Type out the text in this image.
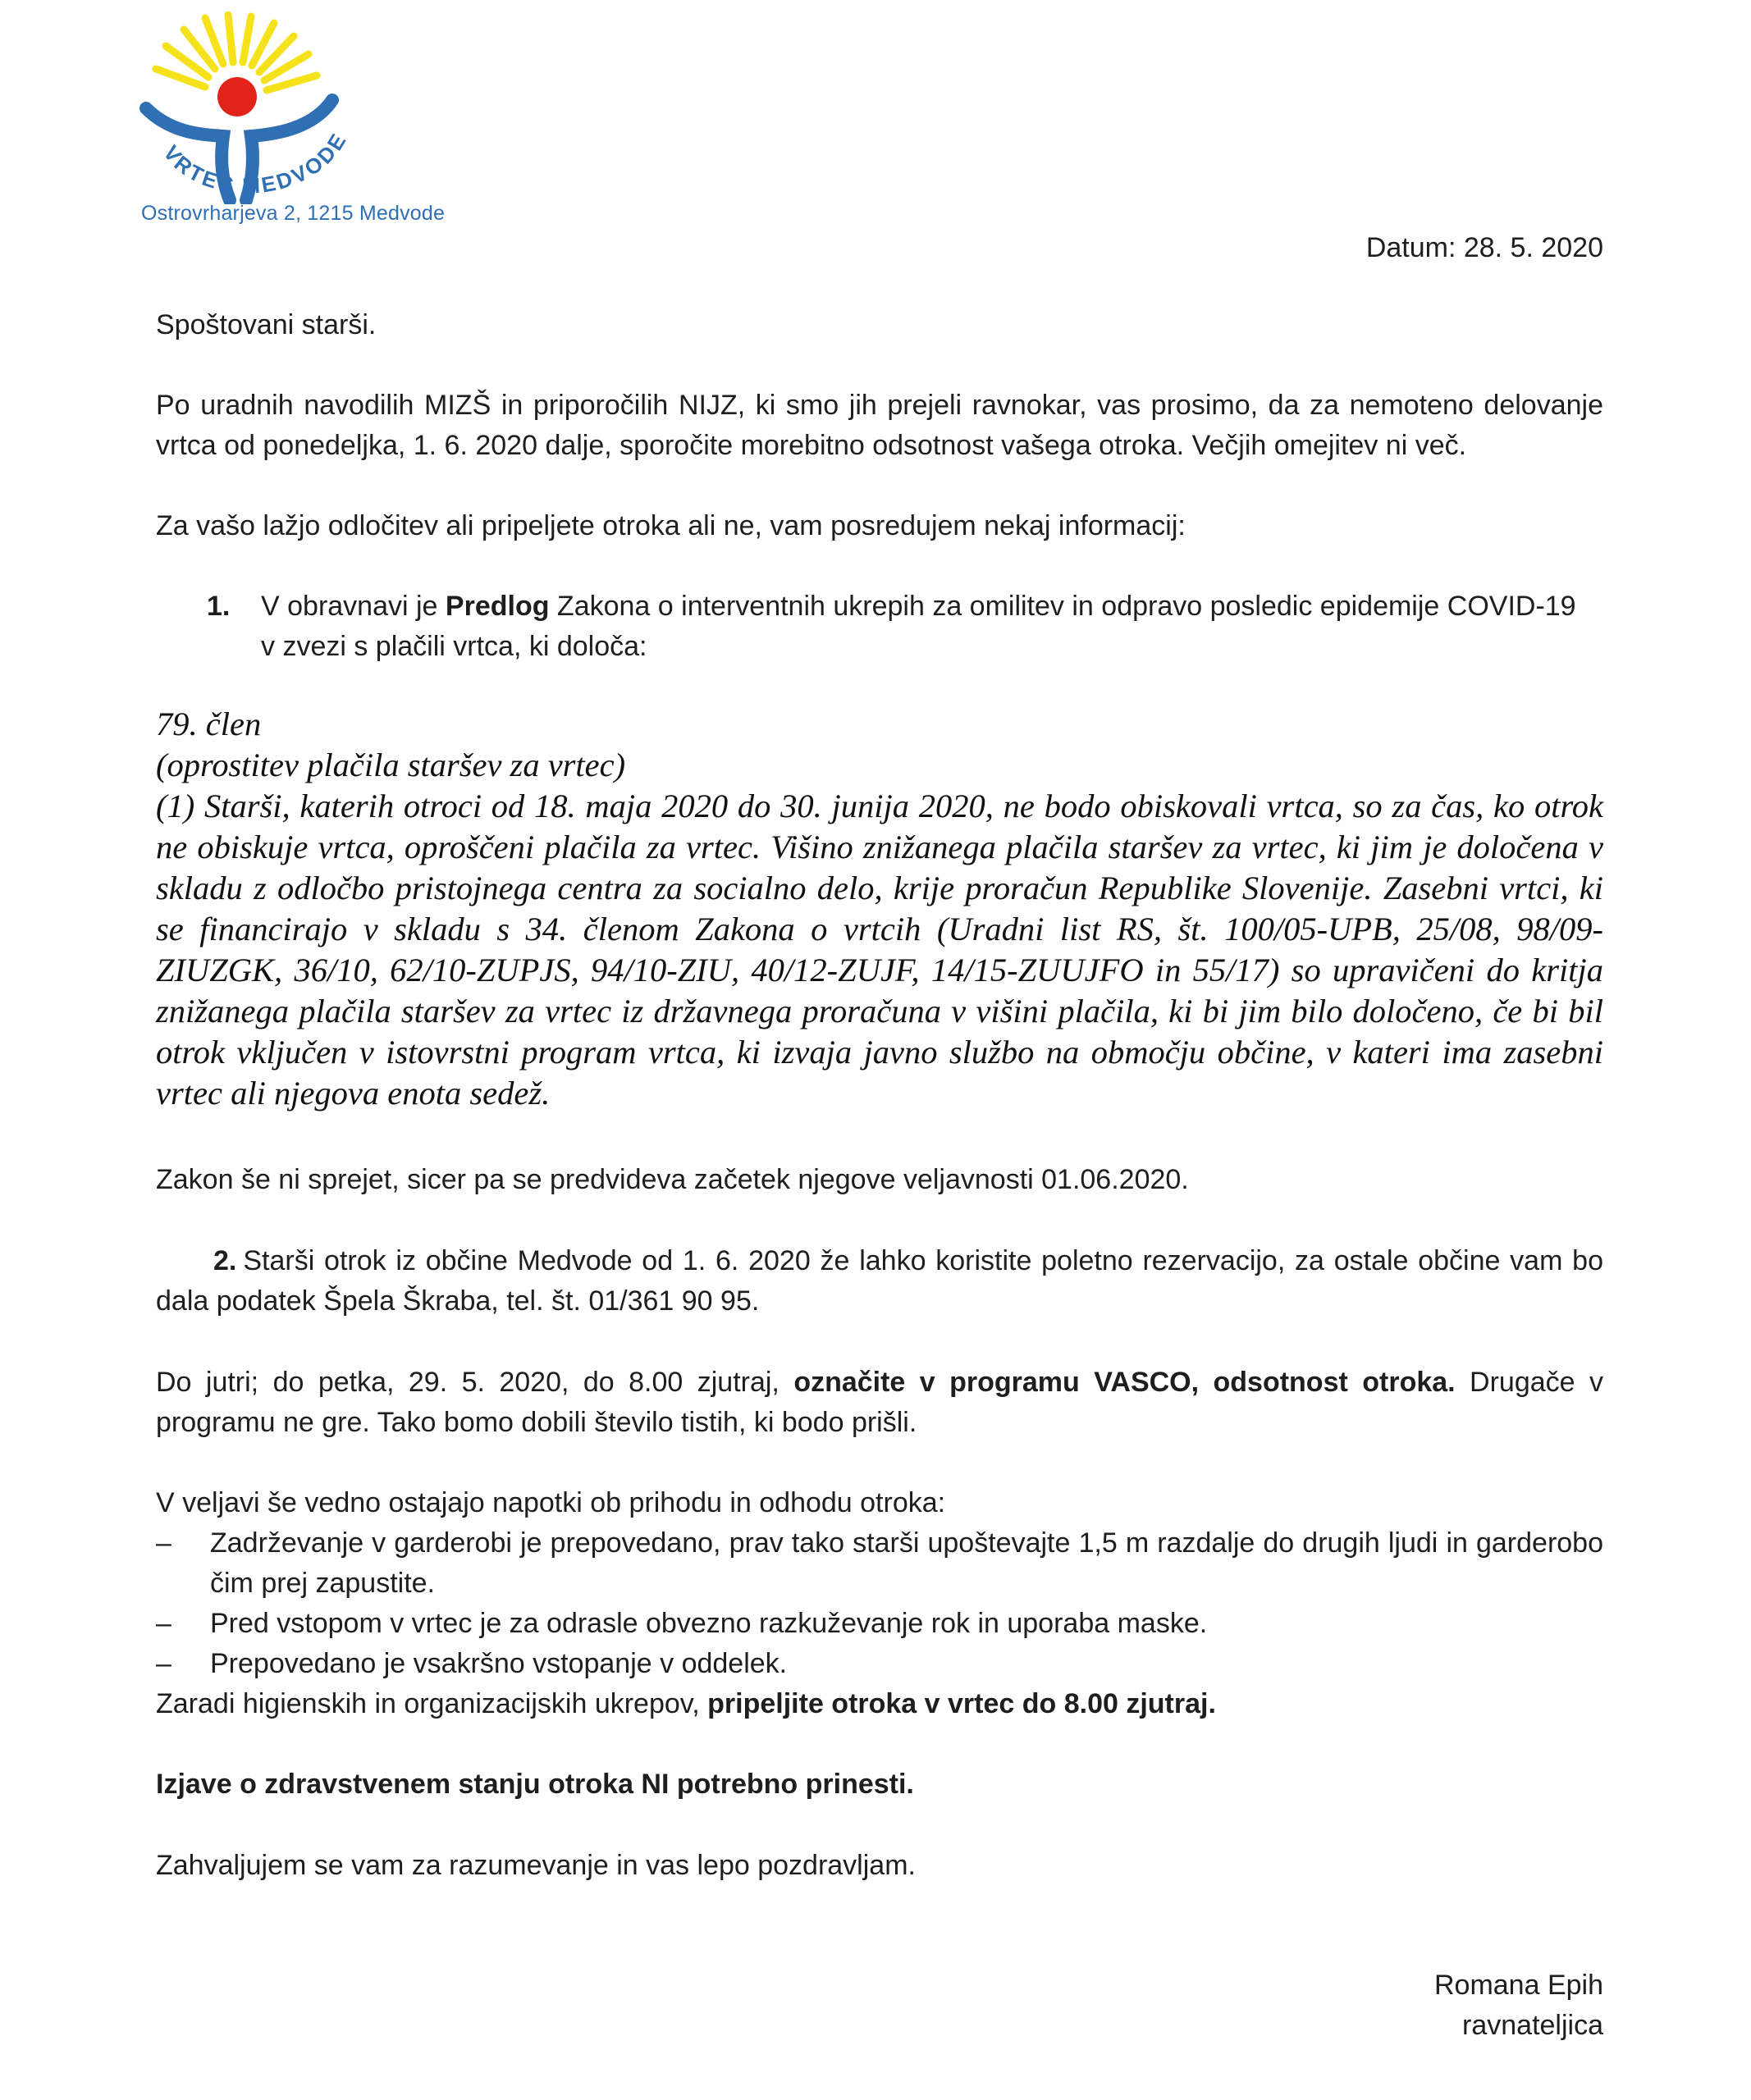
VRTEC MEDVODE
Ostrovrharjeva 2, 1215 Medvode
Datum: 28. 5. 2020
Spoštovani starši.
Po uradnih navodilih MIZŠ in priporočilih NIJZ, ki smo jih prejeli ravnokar, vas prosimo, da za nemoteno delovanje vrtca od ponedeljka, 1. 6. 2020 dalje, sporočite morebitno odsotnost vašega otroka. Večjih omejitev ni več.
Za vašo lažjo odločitev ali pripeljete otroka ali ne, vam posredujem nekaj informacij:
1. V obravnavi je Predlog Zakona o interventnih ukrepih za omilitev in odpravo posledic epidemije COVID-19 v zvezi s plačili vrtca, ki določa:
79. člen
(oprostitev plačila staršev za vrtec)
(1) Starši, katerih otroci od 18. maja 2020 do 30. junija 2020, ne bodo obiskovali vrtca, so za čas, ko otrok ne obiskuje vrtca, oproščeni plačila za vrtec. Višino znižanega plačila staršev za vrtec, ki jim je določena v skladu z odločbo pristojnega centra za socialno delo, krije proračun Republike Slovenije. Zasebni vrtci, ki se financirajo v skladu s 34. členom Zakona o vrtcih (Uradni list RS, št. 100/05-UPB, 25/08, 98/09-ZIUZGK, 36/10, 62/10-ZUPJS, 94/10-ZIU, 40/12-ZUJF, 14/15-ZUUJFO in 55/17) so upravičeni do kritja znižanega plačila staršev za vrtec iz državnega proračuna v višini plačila, ki bi jim bilo določeno, če bi bil otrok vključen v istovrstni program vrtca, ki izvaja javno službo na območju občine, v kateri ima zasebni vrtec ali njegova enota sedež.
Zakon še ni sprejet, sicer pa se predvideva začetek njegove veljavnosti 01.06.2020.
2. Starši otrok iz občine Medvode od 1. 6. 2020 že lahko koristite poletno rezervacijo, za ostale občine vam bo dala podatek Špela Škraba, tel. št. 01/361 90 95.
Do jutri; do petka, 29. 5. 2020, do 8.00 zjutraj, označite v programu VASCO, odsotnost otroka. Drugače v programu ne gre. Tako bomo dobili število tistih, ki bodo prišli.
V veljavi še vedno ostajajo napotki ob prihodu in odhodu otroka:
– Zadrževanje v garderobi je prepovedano, prav tako starši upoštevajte 1,5 m razdalje do drugih ljudi in garderobo čim prej zapustite.
– Pred vstopom v vrtec je za odrasle obvezno razkuževanje rok in uporaba maske.
– Prepovedano je vsakršno vstopanje v oddelek.
Zaradi higienskih in organizacijskih ukrepov, pripeljite otroka v vrtec do 8.00 zjutraj.
Izjave o zdravstvenem stanju otroka NI potrebno prinesti.
Zahvaljujem se vam za razumevanje in vas lepo pozdravljam.
Romana Epih
ravnateljica
